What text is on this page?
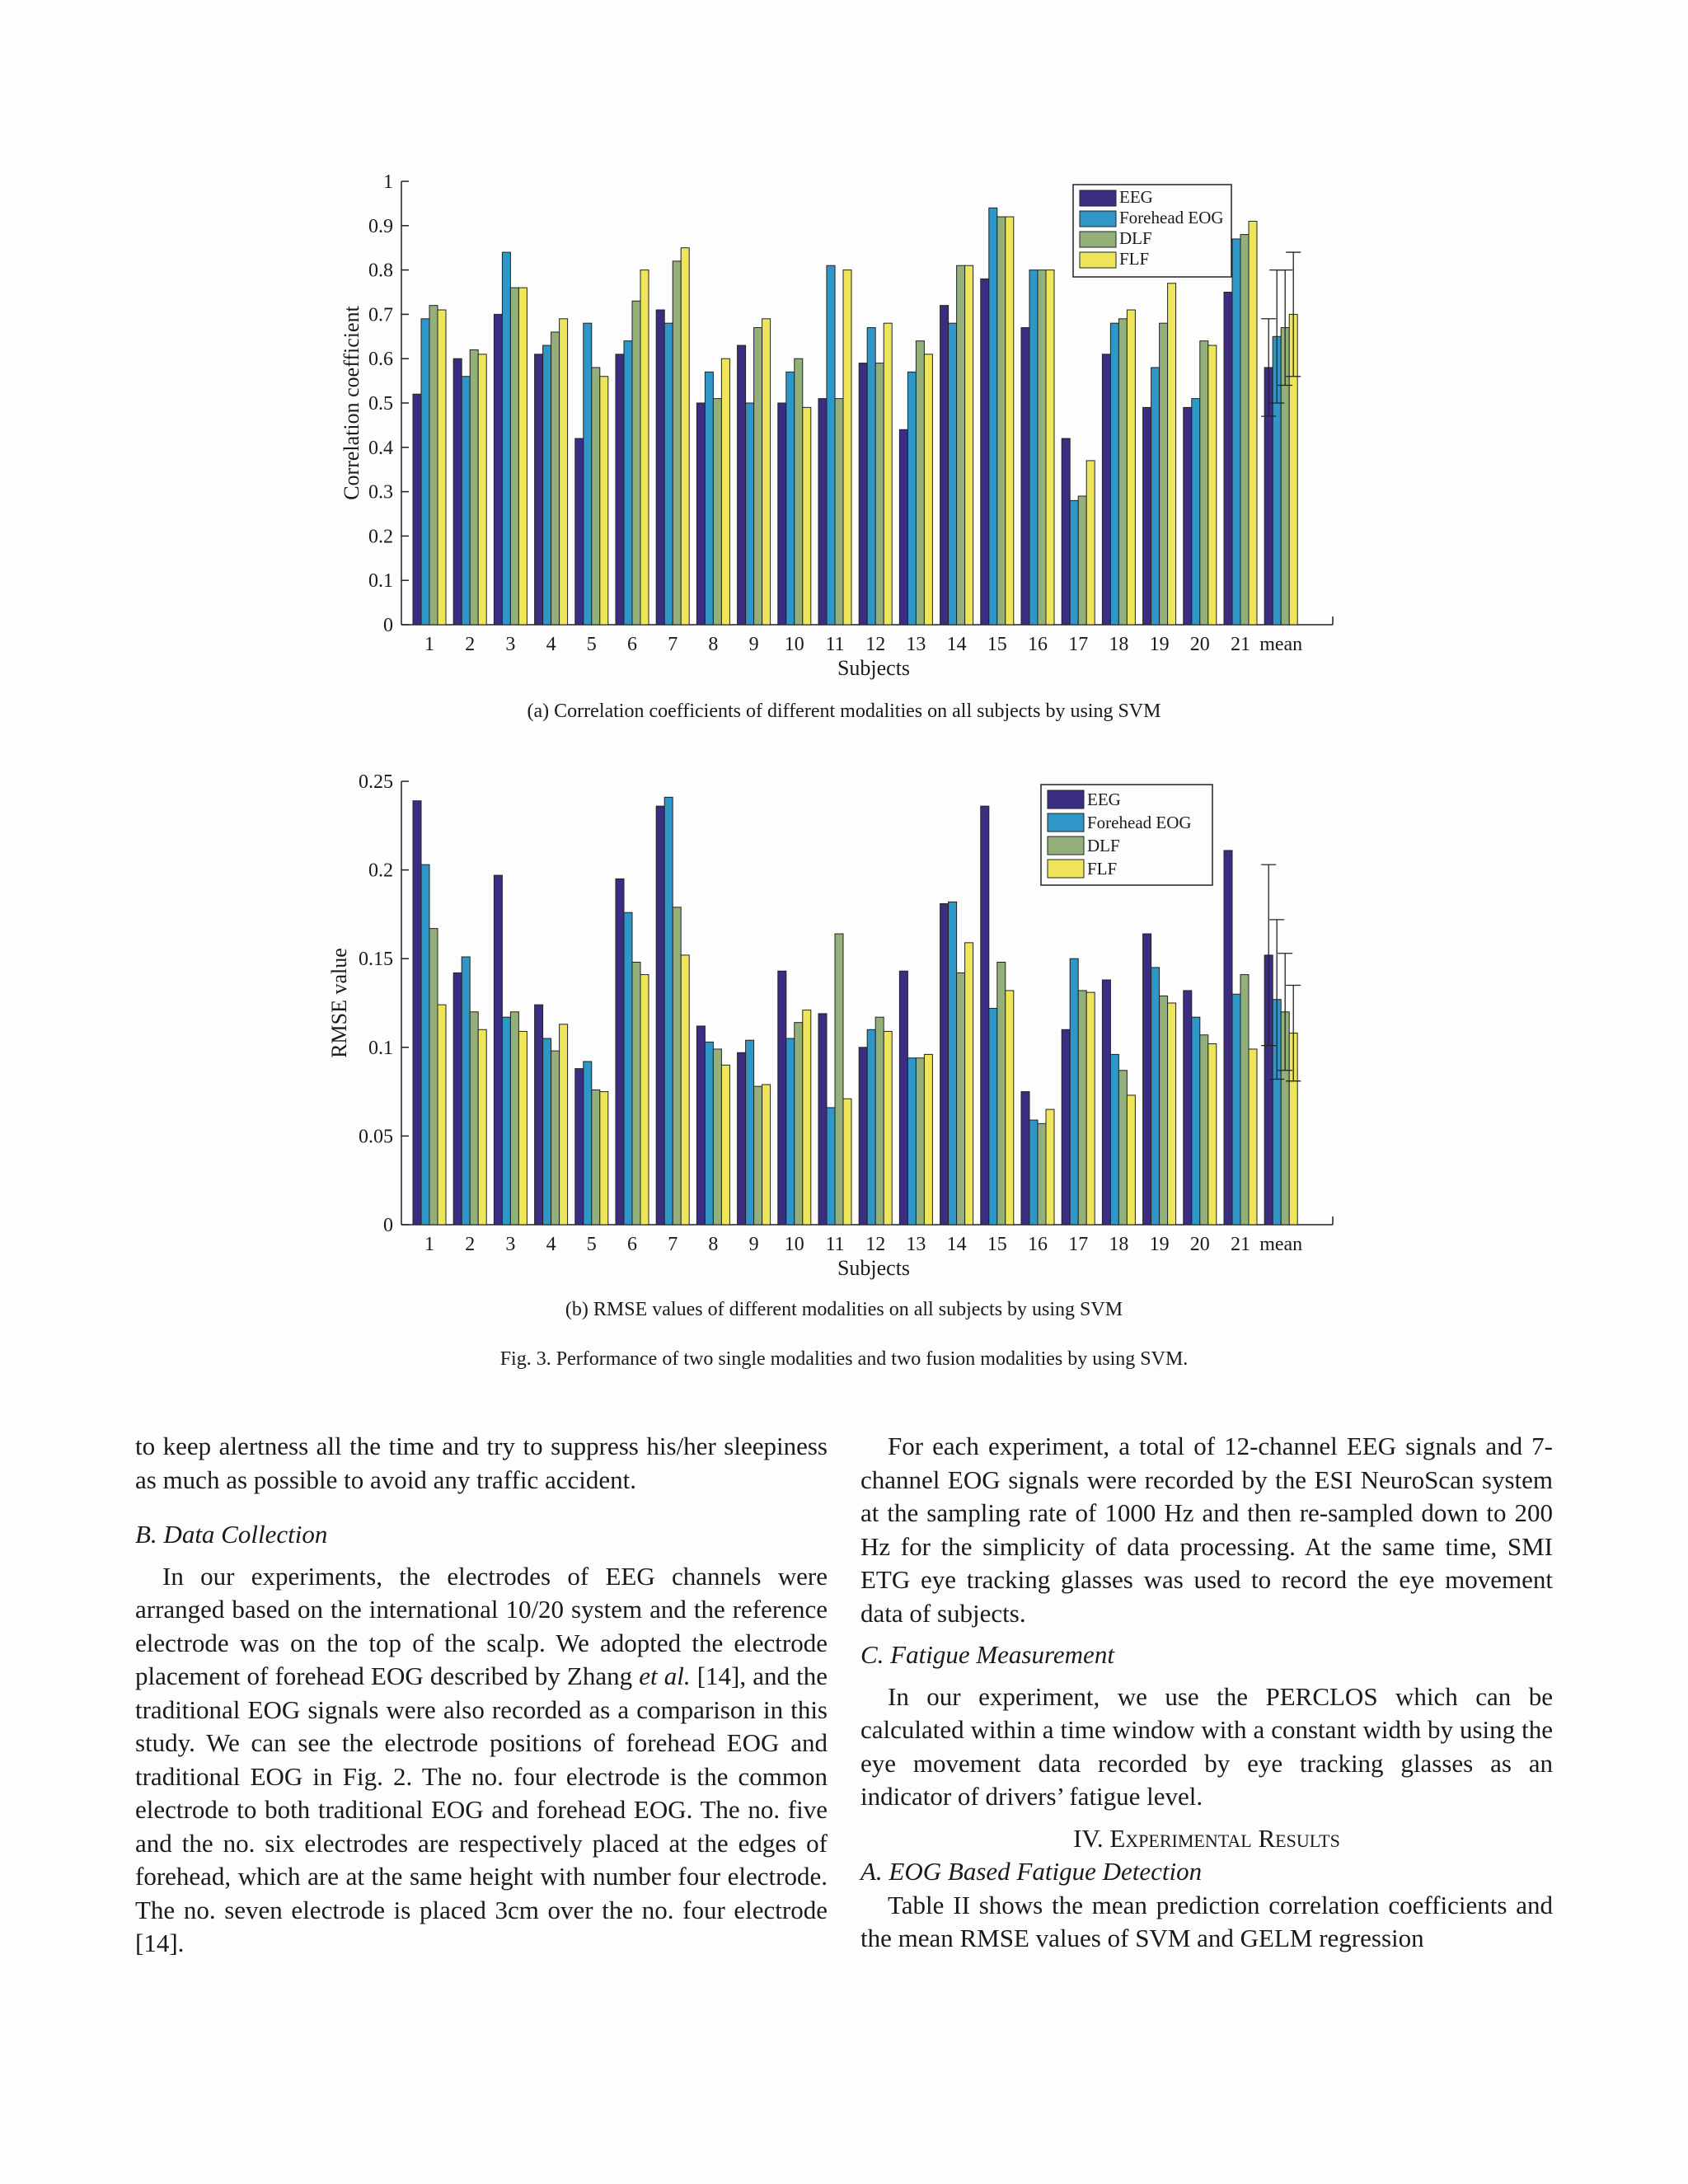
0
0.1
0.2
0.3
0.4
0.5
0.6
0.7
0.8
0.9
1
Correlation coefficient
1 2 3 4 5 6 7 8 9 10 11 12 13 14 15 16 17 18 19 20 21 mean
Subjects
EEG
Forehead EOG
DLF
FLF
(a) Correlation coefficients of different modalities on all subjects by using SVM
0
0.05
0.1
0.15
0.2
0.25
RMSE value
1 2 3 4 5 6 7 8 9 10 11 12 13 14 15 16 17 18 19 20 21 mean
Subjects
EEG
Forehead EOG
DLF
FLF
(b) RMSE values of different modalities on all subjects by using SVM
Fig. 3. Performance of two single modalities and two fusion modalities by using SVM.

to keep alertness all the time and try to suppress his/her sleepiness as much as possible to avoid any traffic accident.

B. Data Collection

In our experiments, the electrodes of EEG channels were arranged based on the international 10/20 system and the reference electrode was on the top of the scalp. We adopted the electrode placement of forehead EOG described by Zhang et al. [14], and the traditional EOG signals were also recorded as a comparison in this study. We can see the electrode positions of forehead EOG and traditional EOG in Fig. 2. The no. four electrode is the common electrode to both traditional EOG and forehead EOG. The no. five and the no. six electrodes are respectively placed at the edges of forehead, which are at the same height with number four electrode. The no. seven electrode is placed 3cm over the no. four electrode [14].

For each experiment, a total of 12-channel EEG signals and 7-channel EOG signals were recorded by the ESI NeuroScan system at the sampling rate of 1000 Hz and then re-sampled down to 200 Hz for the simplicity of data processing. At the same time, SMI ETG eye tracking glasses was used to record the eye movement data of subjects.

C. Fatigue Measurement

In our experiment, we use the PERCLOS which can be calculated within a time window with a constant width by using the eye movement data recorded by eye tracking glasses as an indicator of drivers’ fatigue level.

IV. Experimental Results

A. EOG Based Fatigue Detection

Table II shows the mean prediction correlation coefficients and the mean RMSE values of SVM and GELM regression
